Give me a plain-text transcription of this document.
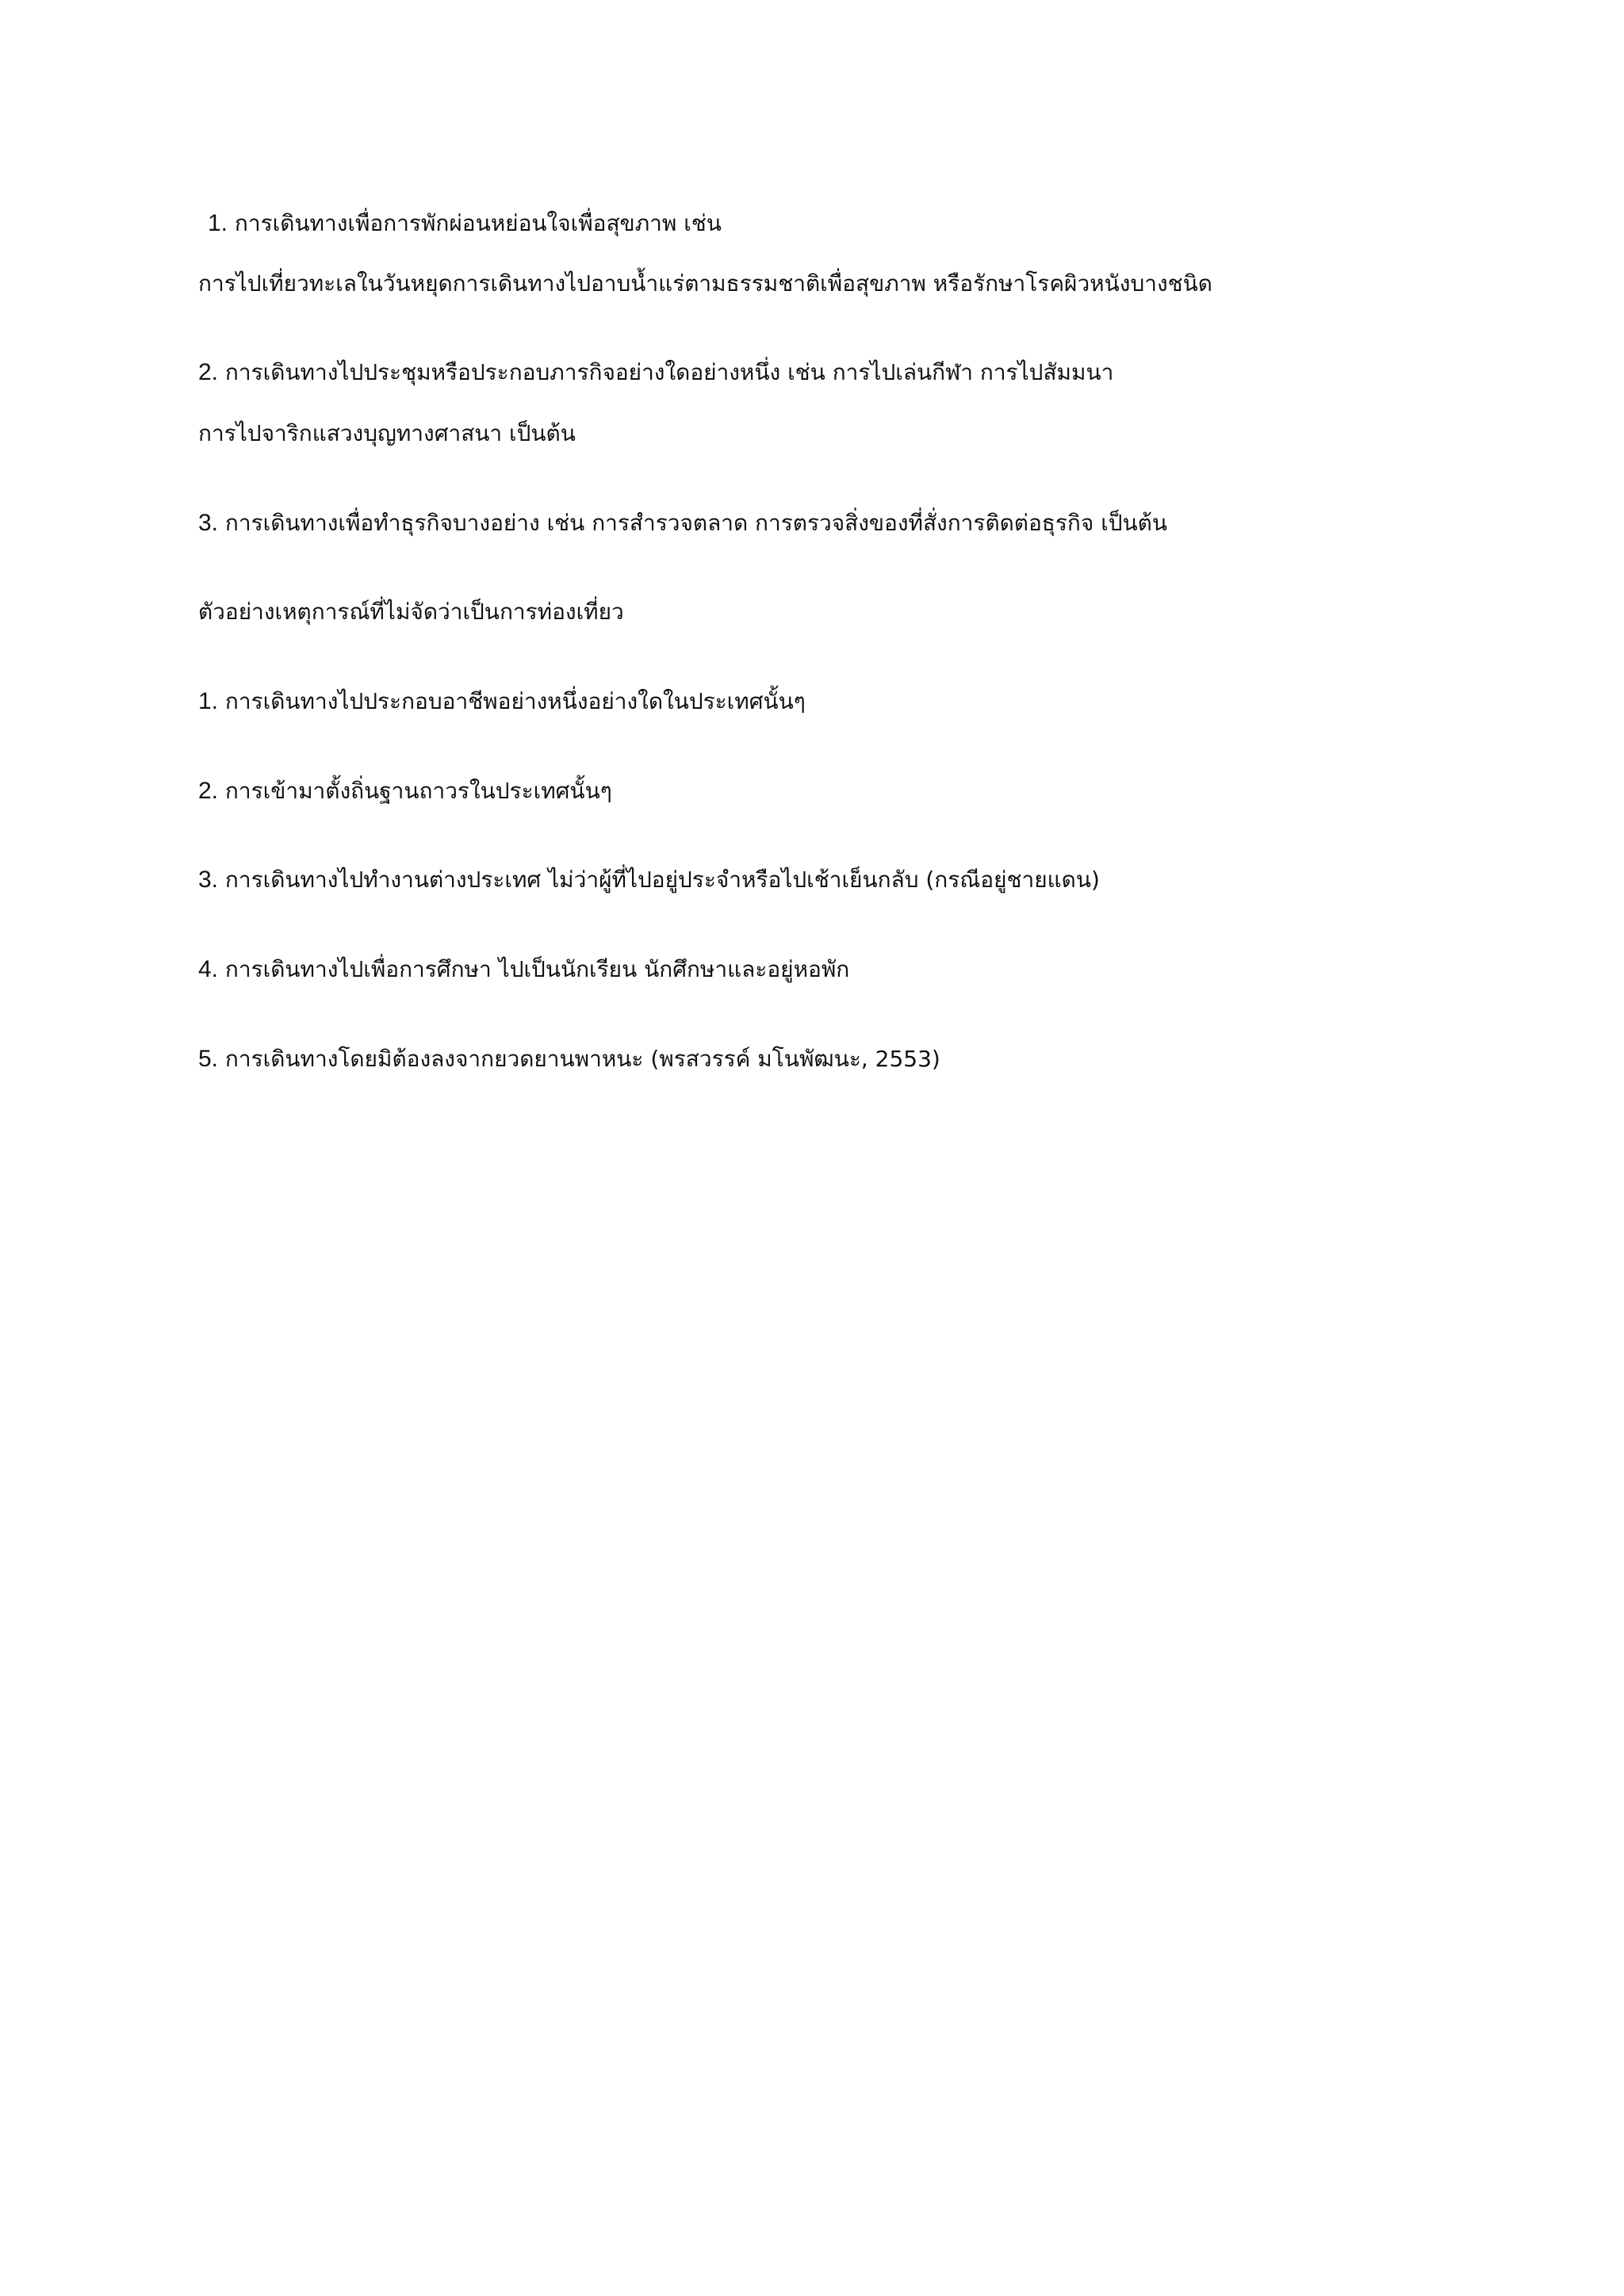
1. การเดินทางเพื่อการพักผ่อนหย่อนใจเพื่อสุขภาพ เช่น

การไปเที่ยวทะเลในวันหยุดการเดินทางไปอาบน้ำแร่ตามธรรมชาติเพื่อสุขภาพ หรือรักษาโรคผิวหนังบางชนิด

2. การเดินทางไปประชุมหรือประกอบภารกิจอย่างใดอย่างหนึ่ง เช่น การไปเล่นกีฬา การไปสัมมนา

การไปจาริกแสวงบุญทางศาสนา เป็นต้น

3. การเดินทางเพื่อทำธุรกิจบางอย่าง เช่น การสำรวจตลาด การตรวจสิ่งของที่สั่งการติดต่อธุรกิจ เป็นต้น

ตัวอย่างเหตุการณ์ที่ไม่จัดว่าเป็นการท่องเที่ยว

1. การเดินทางไปประกอบอาชีพอย่างหนึ่งอย่างใดในประเทศนั้นๆ

2. การเข้ามาตั้งถิ่นฐานถาวรในประเทศนั้นๆ

3. การเดินทางไปทำงานต่างประเทศ ไม่ว่าผู้ที่ไปอยู่ประจำหรือไปเช้าเย็นกลับ (กรณีอยู่ชายแดน)

4. การเดินทางไปเพื่อการศึกษา ไปเป็นนักเรียน นักศึกษาและอยู่หอพัก

5. การเดินทางโดยมิต้องลงจากยวดยานพาหนะ (พรสวรรค์ มโนพัฒนะ, 2553)
